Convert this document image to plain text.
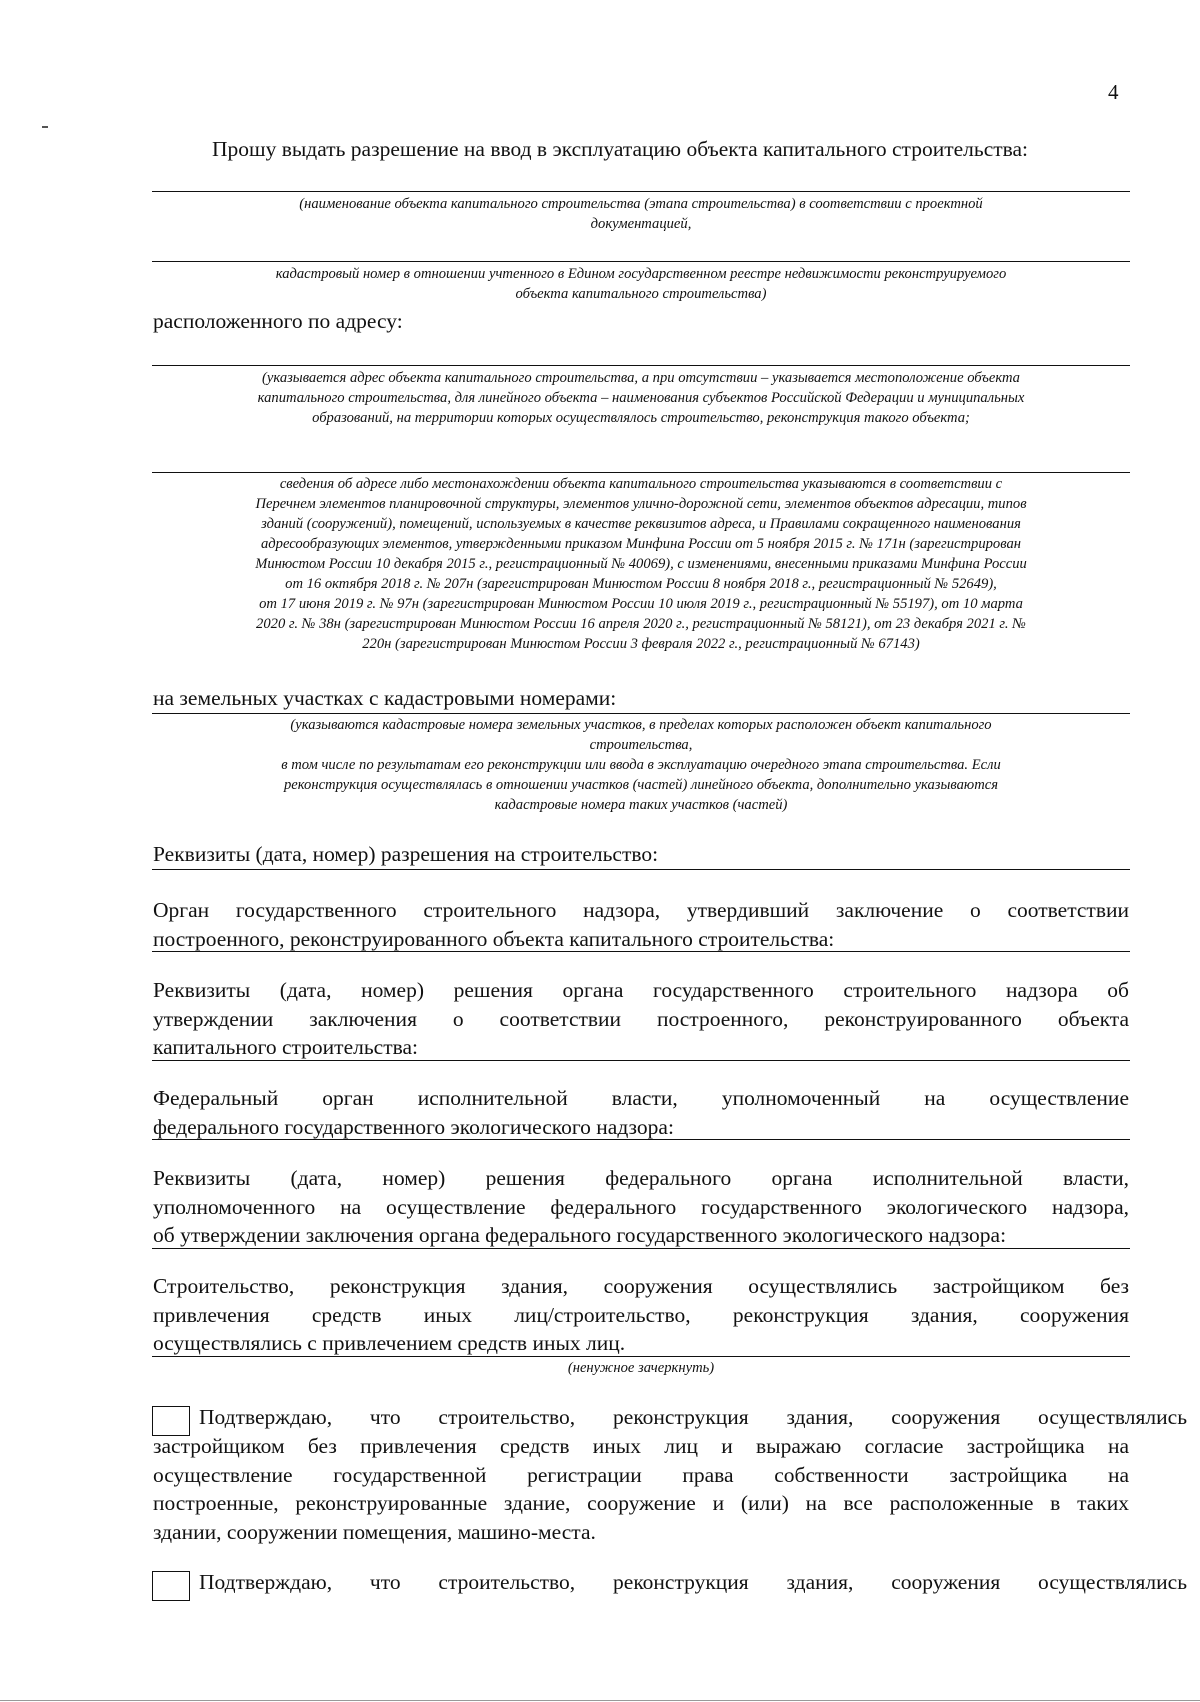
4
Прошу выдать разрешение на ввод в эксплуатацию объекта капитального строительства:
(наименование объекта капитального строительства (этапа строительства) в соответствии с проектной
документацией,
кадастровый номер в отношении учтенного в Едином государственном реестре недвижимости реконструируемого
объекта капитального строительства)
расположенного по адресу:
(указывается адрес объекта капитального строительства, а при отсутствии – указывается местоположение объекта
капитального строительства, для линейного объекта – наименования субъектов Российской Федерации и муниципальных
образований, на территории которых осуществлялось строительство, реконструкция такого объекта;
сведения об адресе либо местонахождении объекта капитального строительства указываются в соответствии с
Перечнем элементов планировочной структуры, элементов улично-дорожной сети, элементов объектов адресации, типов
зданий (сооружений), помещений, используемых в качестве реквизитов адреса, и Правилами сокращенного наименования
адресообразующих элементов, утвержденными приказом Минфина России от 5 ноября 2015 г. № 171н (зарегистрирован
Минюстом России 10 декабря 2015 г., регистрационный № 40069), с изменениями, внесенными приказами Минфина России
от 16 октября 2018 г. № 207н (зарегистрирован Минюстом России 8 ноября 2018 г., регистрационный № 52649),
от 17 июня 2019 г. № 97н (зарегистрирован Минюстом России 10 июля 2019 г., регистрационный № 55197), от 10 марта
2020 г. № 38н (зарегистрирован Минюстом России 16 апреля 2020 г., регистрационный № 58121), от 23 декабря 2021 г. №
220н (зарегистрирован Минюстом России 3 февраля 2022 г., регистрационный № 67143)
на земельных участках с кадастровыми номерами:
(указываются кадастровые номера земельных участков, в пределах которых расположен объект капитального
строительства,
в том числе по результатам его реконструкции или ввода в эксплуатацию очередного этапа строительства. Если
реконструкция осуществлялась в отношении участков (частей) линейного объекта, дополнительно указываются
кадастровые номера таких участков (частей)
Реквизиты (дата, номер) разрешения на строительство:
Орган государственного строительного надзора, утвердивший заключение о соответствии
построенного, реконструированного объекта капитального строительства:
Реквизиты (дата, номер) решения органа государственного строительного надзора об
утверждении заключения о соответствии построенного, реконструированного объекта
капитального строительства:
Федеральный орган исполнительной власти, уполномоченный на осуществление
федерального государственного экологического надзора:
Реквизиты (дата, номер) решения федерального органа исполнительной власти,
уполномоченного на осуществление федерального государственного экологического надзора,
об утверждении заключения органа федерального государственного экологического надзора:
Строительство, реконструкция здания, сооружения осуществлялись застройщиком без
привлечения средств иных лиц/строительство, реконструкция здания, сооружения
осуществлялись с привлечением средств иных лиц.
(ненужное зачеркнуть)
Подтверждаю, что строительство, реконструкция здания, сооружения осуществлялись
застройщиком без привлечения средств иных лиц и выражаю согласие застройщика на
осуществление государственной регистрации права собственности застройщика на
построенные, реконструированные здание, сооружение и (или) на все расположенные в таких
здании, сооружении помещения, машино-места.
Подтверждаю, что строительство, реконструкция здания, сооружения осуществлялись
